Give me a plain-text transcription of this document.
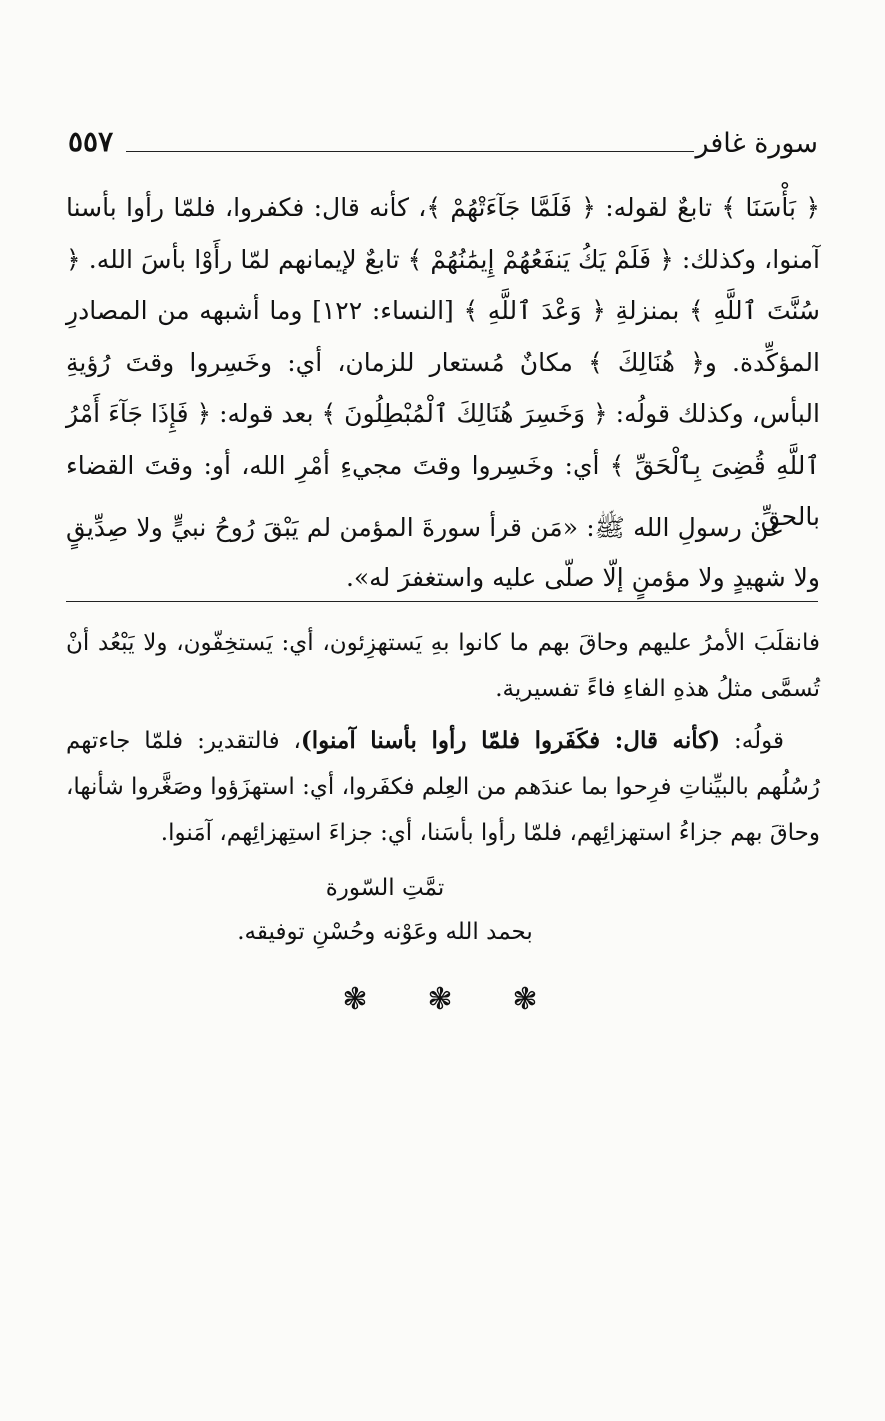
سورة غافر
٥٥٧
﴿ بَأْسَنَا ﴾ تابعٌ لقوله: ﴿ فَلَمَّا جَآءَتْهُمْ ﴾، كأنه قال: فكفروا، فلمّا رأوا بأسنا آمنوا، وكذلك: ﴿ فَلَمْ يَكُ يَنفَعُهُمْ إِيمَٰنُهُمْ ﴾ تابعٌ لإيمانهم لمّا رأَوْا بأسَ الله. ﴿ سُنَّتَ ٱللَّهِ ﴾ بمنزلةِ ﴿ وَعْدَ ٱللَّهِ ﴾ [النساء: ١٢٢] وما أشبهه من المصادرِ المؤكِّدة. و﴿ هُنَالِكَ ﴾ مكانٌ مُستعار للزمان، أي: وخَسِروا وقتَ رُؤيةِ البأس، وكذلك قولُه: ﴿ وَخَسِرَ هُنَالِكَ ٱلْمُبْطِلُونَ ﴾ بعد قوله: ﴿ فَإِذَا جَآءَ أَمْرُ ٱللَّهِ قُضِىَ بِٱلْحَقِّ ﴾ أي: وخَسِروا وقتَ مجيءِ أمْرِ الله، أو: وقتَ القضاء بالحقِّ.
عن رسولِ الله ﷺ: «مَن قرأ سورةَ المؤمن لم يَبْقَ رُوحُ نبيٍّ ولا صِدِّيقٍ ولا شهيدٍ ولا مؤمنٍ إلّا صلّى عليه واستغفرَ له».
فانقلَبَ الأمرُ عليهم وحاقَ بهم ما كانوا بهِ يَستهزِئون، أي: يَستخِفّون، ولا يَبْعُد أنْ تُسمَّى مثلُ هذهِ الفاءِ فاءً تفسيرية.
قولُه: (كأنه قال: فكَفَروا فلمّا رأوا بأسنا آمنوا)، فالتقدير: فلمّا جاءتهم رُسُلُهم بالبيِّناتِ فرِحوا بما عندَهم من العِلم فكفَروا، أي: استهزَؤوا وصَغَّروا شأنها، وحاقَ بهم جزاءُ استهزائِهم، فلمّا رأوا بأسَنا، أي: جزاءَ استِهزائِهم، آمَنوا.
تمَّتِ السّورة
بحمد الله وعَوْنه وحُسْنِ توفيقه.
❃ ❃ ❃
